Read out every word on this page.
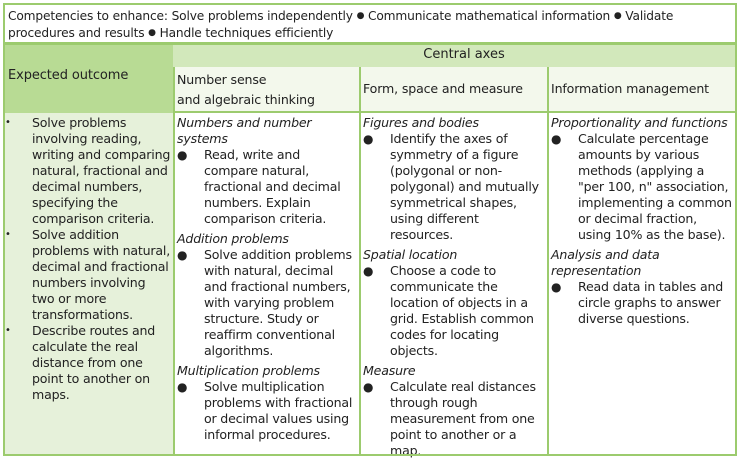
Competencies to enhance: Solve problems independently ● Communicate mathematical information ● Validate procedures and results ● Handle techniques efficiently
Expected outcome
Central axes
Number sense
and algebraic thinking
Form, space and measure	Information management
• Solve problems involving reading, writing and comparing natural, fractional and decimal numbers, specifying the comparison criteria.
• Solve addition problems with natural, decimal and fractional numbers involving two or more transformations.
• Describe routes and calculate the real distance from one point to another on maps.
Numbers and number systems
● Read, write and compare natural, fractional and decimal numbers. Explain comparison criteria.
Addition problems
● Solve addition problems with natural, decimal and fractional numbers, with varying problem structure. Study or reaffirm conventional algorithms.
Multiplication problems
● Solve multiplication problems with fractional or decimal values using informal procedures.
Figures and bodies
● Identify the axes of symmetry of a figure (polygonal or non-polygonal) and mutually symmetrical shapes, using different resources.
Spatial location
● Choose a code to communicate the location of objects in a grid. Establish common codes for locating objects.
Measure
● Calculate real distances through rough measurement from one point to another or a map.
Proportionality and functions
● Calculate percentage amounts by various methods (applying a "per 100, n" association, implementing a common or decimal fraction, using 10% as the base).
Analysis and data representation
● Read data in tables and circle graphs to answer diverse questions.
